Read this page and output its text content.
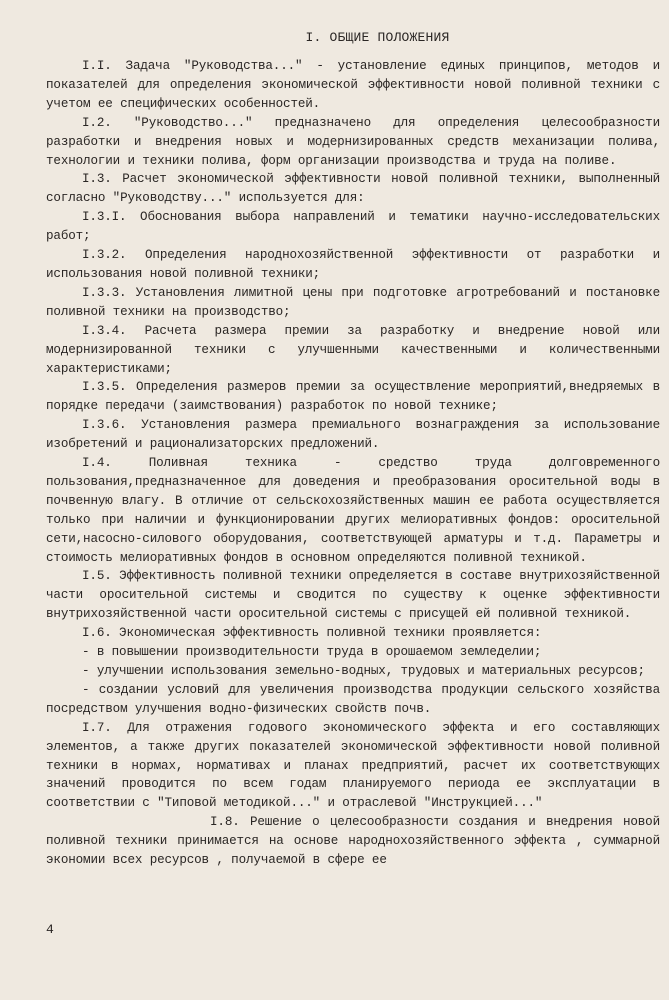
I. ОБЩИЕ ПОЛОЖЕНИЯ

I.I. Задача "Руководства..." - установление единых принципов, методов и показателей для определения экономической эффективности новой поливной техники с учетом ее специфических особенностей.

I.2. "Руководство..." предназначено для определения целесообразности разработки и внедрения новых и модернизированных средств механизации полива, технологии и техники полива, форм организации производства и труда на поливе.

I.3. Расчет экономической эффективности новой поливной техники, выполненный согласно "Руководству..." используется для:

I.3.I. Обоснования выбора направлений и тематики научно-исследовательских работ;

I.3.2. Определения народнохозяйственной эффективности от разработки и использования новой поливной техники;

I.3.3. Установления лимитной цены при подготовке агротребований и постановке поливной техники на производство;

I.3.4. Расчета размера премии за разработку и внедрение новой или модернизированной техники с улучшенными качественными и количественными характеристиками;

I.3.5. Определения размеров премии за осуществление мероприятий,внедряемых в порядке передачи (заимствования) разработок по новой технике;

I.3.6. Установления размера премиального вознаграждения за использование изобретений и рационализаторских предложений.

I.4. Поливная техника - средство труда долговременного пользования,предназначенное для доведения и преобразования оросительной воды в почвенную влагу. В отличие от сельскохозяйственных машин ее работа осуществляется только при наличии и функционировании других мелиоративных фондов: оросительной сети,насосно-силового оборудования, соответствующей арматуры и т.д. Параметры и стоимость мелиоративных фондов в основном определяются поливной техникой.

I.5. Эффективность поливной техники определяется в составе внутрихозяйственной части оросительной системы и сводится по существу к оценке эффективности внутрихозяйственной части оросительной системы с присущей ей поливной техникой.

I.6. Экономическая эффективность поливной техники проявляется:

- в повышении производительности труда в орошаемом земледелии;

- улучшении использования земельно-водных, трудовых и материальных ресурсов;

- создании условий для увеличения производства продукции сельского хозяйства посредством улучшения водно-физических свойств почв.

I.7. Для отражения годового экономического эффекта и его составляющих элементов, а также других показателей экономической эффективности новой поливной техники в нормах, нормативах и планах предприятий, расчет их соответствующих значений проводится по всем годам планируемого периода ее эксплуатации в соответствии с "Типовой методикой..." и отраслевой "Инструкцией..."

I.8. Решение о целесообразности создания и внедрения новой поливной техники принимается на основе народнохозяйственного эффекта , суммарной экономии всех ресурсов , получаемой в сфере ее

4
